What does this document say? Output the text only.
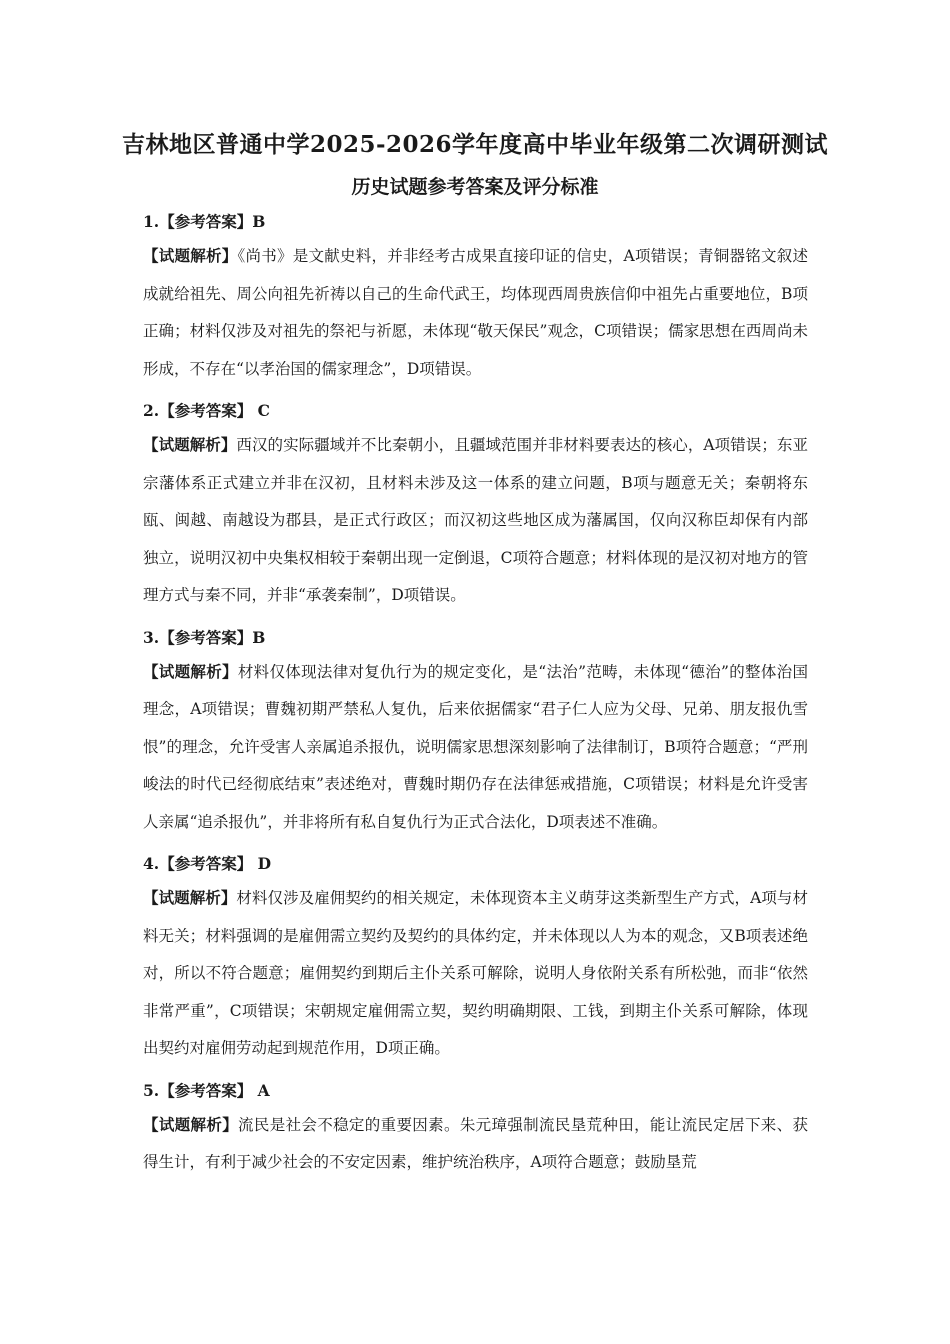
吉林地区普通中学2025-2026学年度高中毕业年级第二次调研测试
历史试题参考答案及评分标准
1.【参考答案】B
【试题解析】《尚书》是文献史料，并非经考古成果直接印证的信史，A项错误；青铜器铭文叙述成就给祖先、周公向祖先祈祷以自己的生命代武王，均体现西周贵族信仰中祖先占重要地位，B项正确；材料仅涉及对祖先的祭祀与祈愿，未体现“敬天保民”观念，C项错误；儒家思想在西周尚未形成，不存在“以孝治国的儒家理念”，D项错误。
2.【参考答案】 C
【试题解析】西汉的实际疆域并不比秦朝小，且疆域范围并非材料要表达的核心，A项错误；东亚宗藩体系正式建立并非在汉初，且材料未涉及这一体系的建立问题，B项与题意无关；秦朝将东瓯、闽越、南越设为郡县，是正式行政区；而汉初这些地区成为藩属国，仅向汉称臣却保有内部独立，说明汉初中央集权相较于秦朝出现一定倒退，C项符合题意；材料体现的是汉初对地方的管理方式与秦不同，并非“承袭秦制”，D项错误。
3.【参考答案】B
【试题解析】材料仅体现法律对复仇行为的规定变化，是“法治”范畴，未体现“德治”的整体治国理念，A项错误；曹魏初期严禁私人复仇，后来依据儒家“君子仁人应为父母、兄弟、朋友报仇雪恨”的理念，允许受害人亲属追杀报仇，说明儒家思想深刻影响了法律制订，B项符合题意；“严刑峻法的时代已经彻底结束”表述绝对，曹魏时期仍存在法律惩戒措施，C项错误；材料是允许受害人亲属“追杀报仇”，并非将所有私自复仇行为正式合法化，D项表述不准确。
4.【参考答案】 D
【试题解析】材料仅涉及雇佣契约的相关规定，未体现资本主义萌芽这类新型生产方式，A项与材料无关；材料强调的是雇佣需立契约及契约的具体约定，并未体现以人为本的观念，又B项表述绝对，所以不符合题意；雇佣契约到期后主仆关系可解除，说明人身依附关系有所松弛，而非“依然非常严重”，C项错误；宋朝规定雇佣需立契，契约明确期限、工钱，到期主仆关系可解除，体现出契约对雇佣劳动起到规范作用，D项正确。
5.【参考答案】 A
【试题解析】流民是社会不稳定的重要因素。朱元璋强制流民垦荒种田，能让流民定居下来、获得生计，有利于减少社会的不安定因素，维护统治秩序，A项符合题意；鼓励垦荒
